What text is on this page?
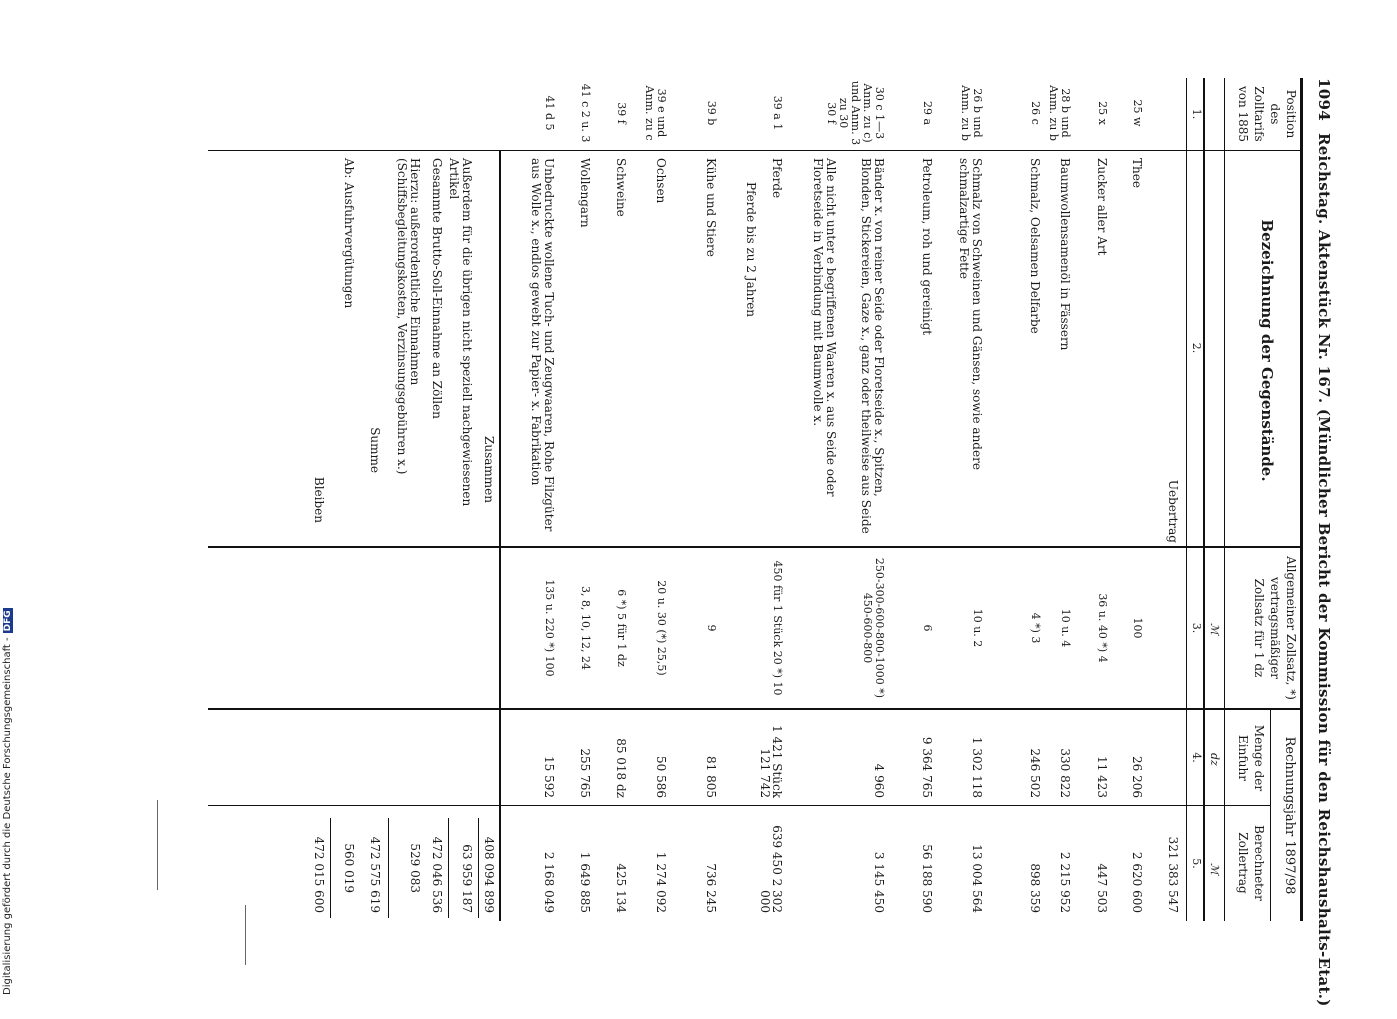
Digitalisierung gefördert durch die Deutsche Forschungsgemeinschaft -DFG
1094Reichstag. Aktenstück Nr. 167. (Mündlicher Bericht der Kommission für den Reichshaushalts-Etat.)
Position des Zolltarifs von 1885
Bezeichnung der Gegenstände.
Allgemeiner Zollsatz, *) vertragsmäßiger Zollsatz für 1 dz
Rechnungsjahr 1897/98
Menge der Einfuhr
Berechneter Zollertrag
ℳ
dz
ℳ
1.
2.
3.
4.
5.
Uebertrag
321 383 547
25 w
Thee
100
26 206
2 620 600
25 x
Zucker aller Art
36 u. 40 *) 4
11 423
447 503
28 b und Anm. zu b
Baumwollensamenöl in Fässern
10 u. 4
330 822
2 215 952
26 c
Schmalz, Oelsamen Delfarbe
4 *) 3
246 502
898 359
26 b und Anm. zu b
Schmalz von Schweinen und Gänsen, sowie andere schmalzartige Fette
10 u. 2
1 302 118
13 004 564
29 a
Petroleum, roh und gereinigt
6
9 364 765
56 188 590
30 c 1—3 Anm. zu c) und Anm. 3 zu 30
Bänder x. von reiner Seide oder Floretseide x., Spitzen, Blonden, Stickereien, Gaze x., ganz oder theilweise aus Seide
250-300-600-800-1000 *) 450-600-800
4 960
3 145 450
30 f
Alle nicht unter e begriffenen Waaren x. aus Seide oder Floretseide in Verbindung mit Baumwolle x.
39 a 1
Pferde
450 für 1 Stück 20 *) 10
1 421 Stück 121 742
639 450 2 302 000
Pferde bis zu 2 Jahren
39 b
Kühe und Stiere
9
81 805
736 245
39 e und Anm. zu c
Ochsen
20 u. 30 (*) 25,5)
50 586
1 274 092
39 f
Schweine
6 *) 5 für 1 dz
85 018 dz
425 134
41 c 2 u. 3
Wollengarn
3, 8, 10, 12, 24
255 765
1 649 885
41 d 5
Unbedruckte wollene Tuch- und Zeugwaaren, Rohe Filzgüter aus Wolle x., endlos gewebt zur Papier- x. Fabrikation
135 u. 220 *) 100
15 592
2 168 049
Zusammen
408 094 899
Außerdem für die übrigen nicht speziell nachgewiesenen Artikel
63 959 187
Gesammte Brutto-Soll-Einnahme an Zöllen
472 046 536
Hierzu: außerordentliche Einnahmen (Schiffsbegleitungskosten, Verzinsungsgebühren x.)
529 083
Summe
472 575 619
Ab: Ausfuhrvergütungen
560 019
Bleiben
472 015 600
